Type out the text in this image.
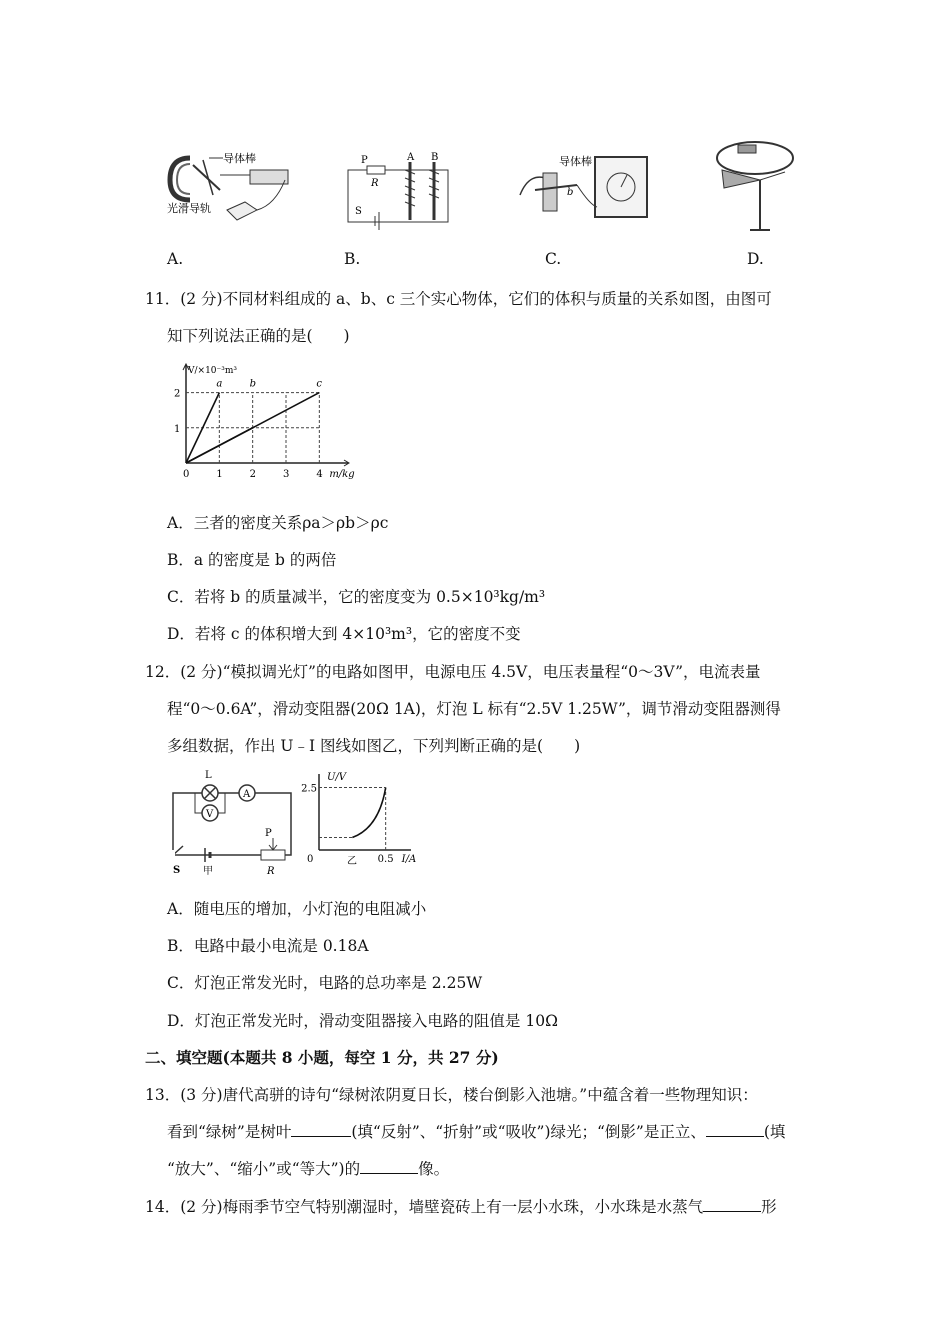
导体棒
光滑导轨
A.
P
R
A B
S
B.
导体棒
b
C.	D.
11．(2 分)不同材料组成的 a、b、c 三个实心物体，它们的体积与质量的关系如图，由图可
知下列说法正确的是(　　)
0	1	2	3	4
1
2
m/kg
V/×10⁻³m³
a	b	c
A．三者的密度关系ρa＞ρb＞ρc
B．a 的密度是 b 的两倍
C．若将 b 的质量减半，它的密度变为 0.5×10³kg/m³
D．若将 c 的体积增大到 4×10³m³，它的密度不变
12．(2 分)“模拟调光灯”的电路如图甲，电源电压 4.5V，电压表量程“0～3V”，电流表量
程“0～0.6A”，滑动变阻器(20Ω 1A)，灯泡 L 标有“2.5V 1.25W”，调节滑动变阻器测得
多组数据，作出 U﹣I 图线如图乙，下列判断正确的是(　　)
L
A
V
P
S 甲	R
U/V
2.5
0	0.5 I/A
乙
A．随电压的增加，小灯泡的电阻减小
B．电路中最小电流是 0.18A
C．灯泡正常发光时，电路的总功率是 2.25W
D．灯泡正常发光时，滑动变阻器接入电路的阻值是 10Ω
二、填空题(本题共 8 小题，每空 1 分，共 27 分)
13．(3 分)唐代高骈的诗句“绿树浓阴夏日长，楼台倒影入池塘。”中蕴含着一些物理知识：
看到“绿树”是树叶	(填“反射”、“折射”或“吸收”)绿光；“倒影”是正立、	(填
“放大”、“缩小”或“等大”)的	像。
14．(2 分)梅雨季节空气特别潮湿时，墙壁瓷砖上有一层小水珠，小水珠是水蒸气	形
